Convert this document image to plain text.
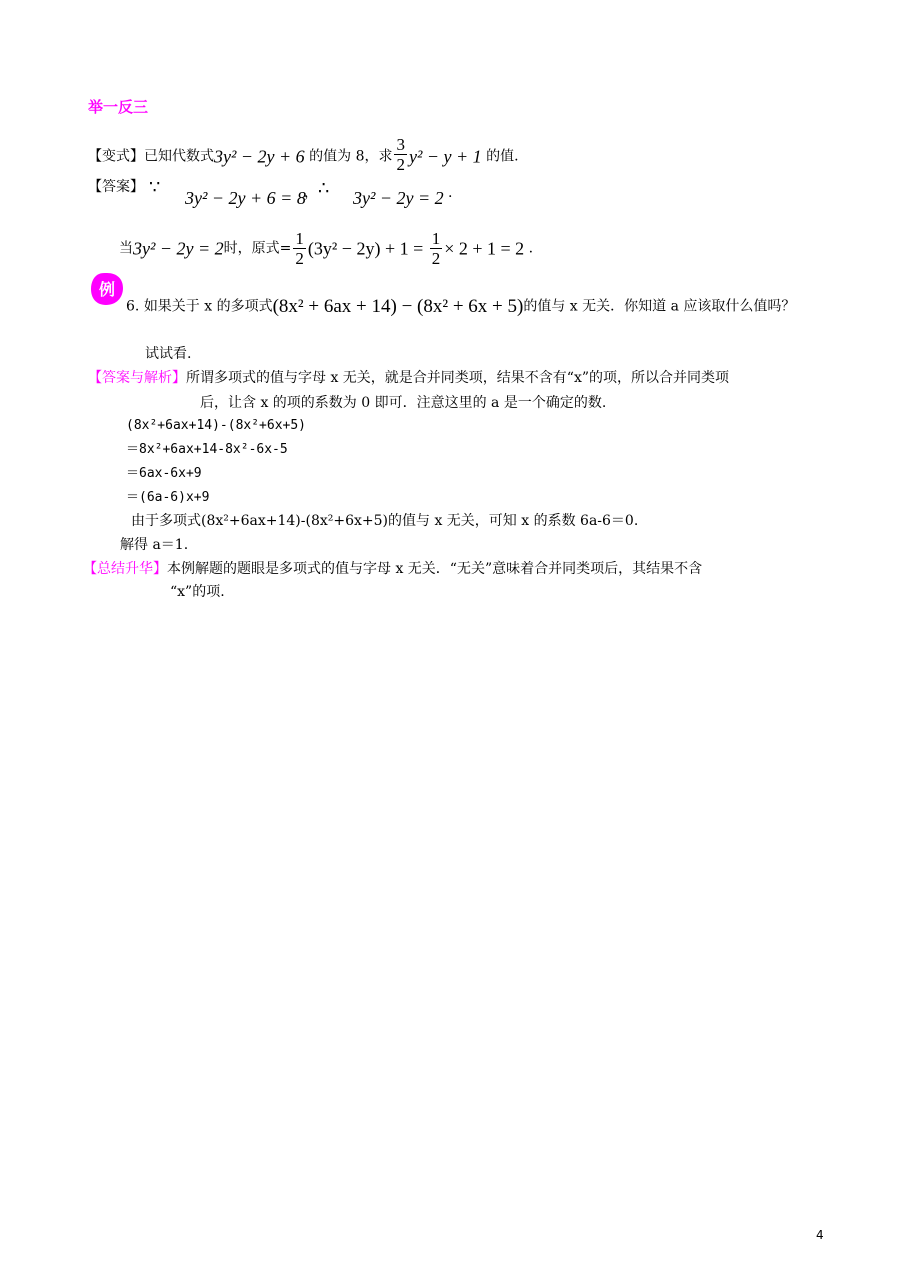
举一反三
【变式】已知代数式3y² − 2y + 6 的值为 8，求 $\frac{3}{2} y^2 - y + 1$ 的值.
【答案】 ∵ 3y² − 2y + 6 = 8
， ∴ 3y² − 2y = 2 .
当3y² − 2y = 2时，原式= $\frac{1}{2} (3y^2 - 2y) + 1 = \frac{1}{2} \times 2 + 1 = 2$ .
例
6. 如果关于 x 的多项式(8x² + 6ax + 14) − (8x² + 6x + 5)的值与 x 无关．你知道 a 应该取什么值吗？
试试看.
【答案与解析】所谓多项式的值与字母 x 无关，就是合并同类项，结果不含有“x”的项，所以合并同类项
后，让含 x 的项的系数为 0 即可．注意这里的 a 是一个确定的数.
(8x²+6ax+14)-(8x²+6x+5)
＝8x²+6ax+14-8x²-6x-5
＝6ax-6x+9
＝(6a-6)x+9
由于多项式(8x²+6ax+14)-(8x²+6x+5)的值与 x 无关，可知 x 的系数 6a-6＝0.
解得 a＝1.
【总结升华】本例解题的题眼是多项式的值与字母 x 无关．“无关”意味着合并同类项后，其结果不含
“x”的项.
4
